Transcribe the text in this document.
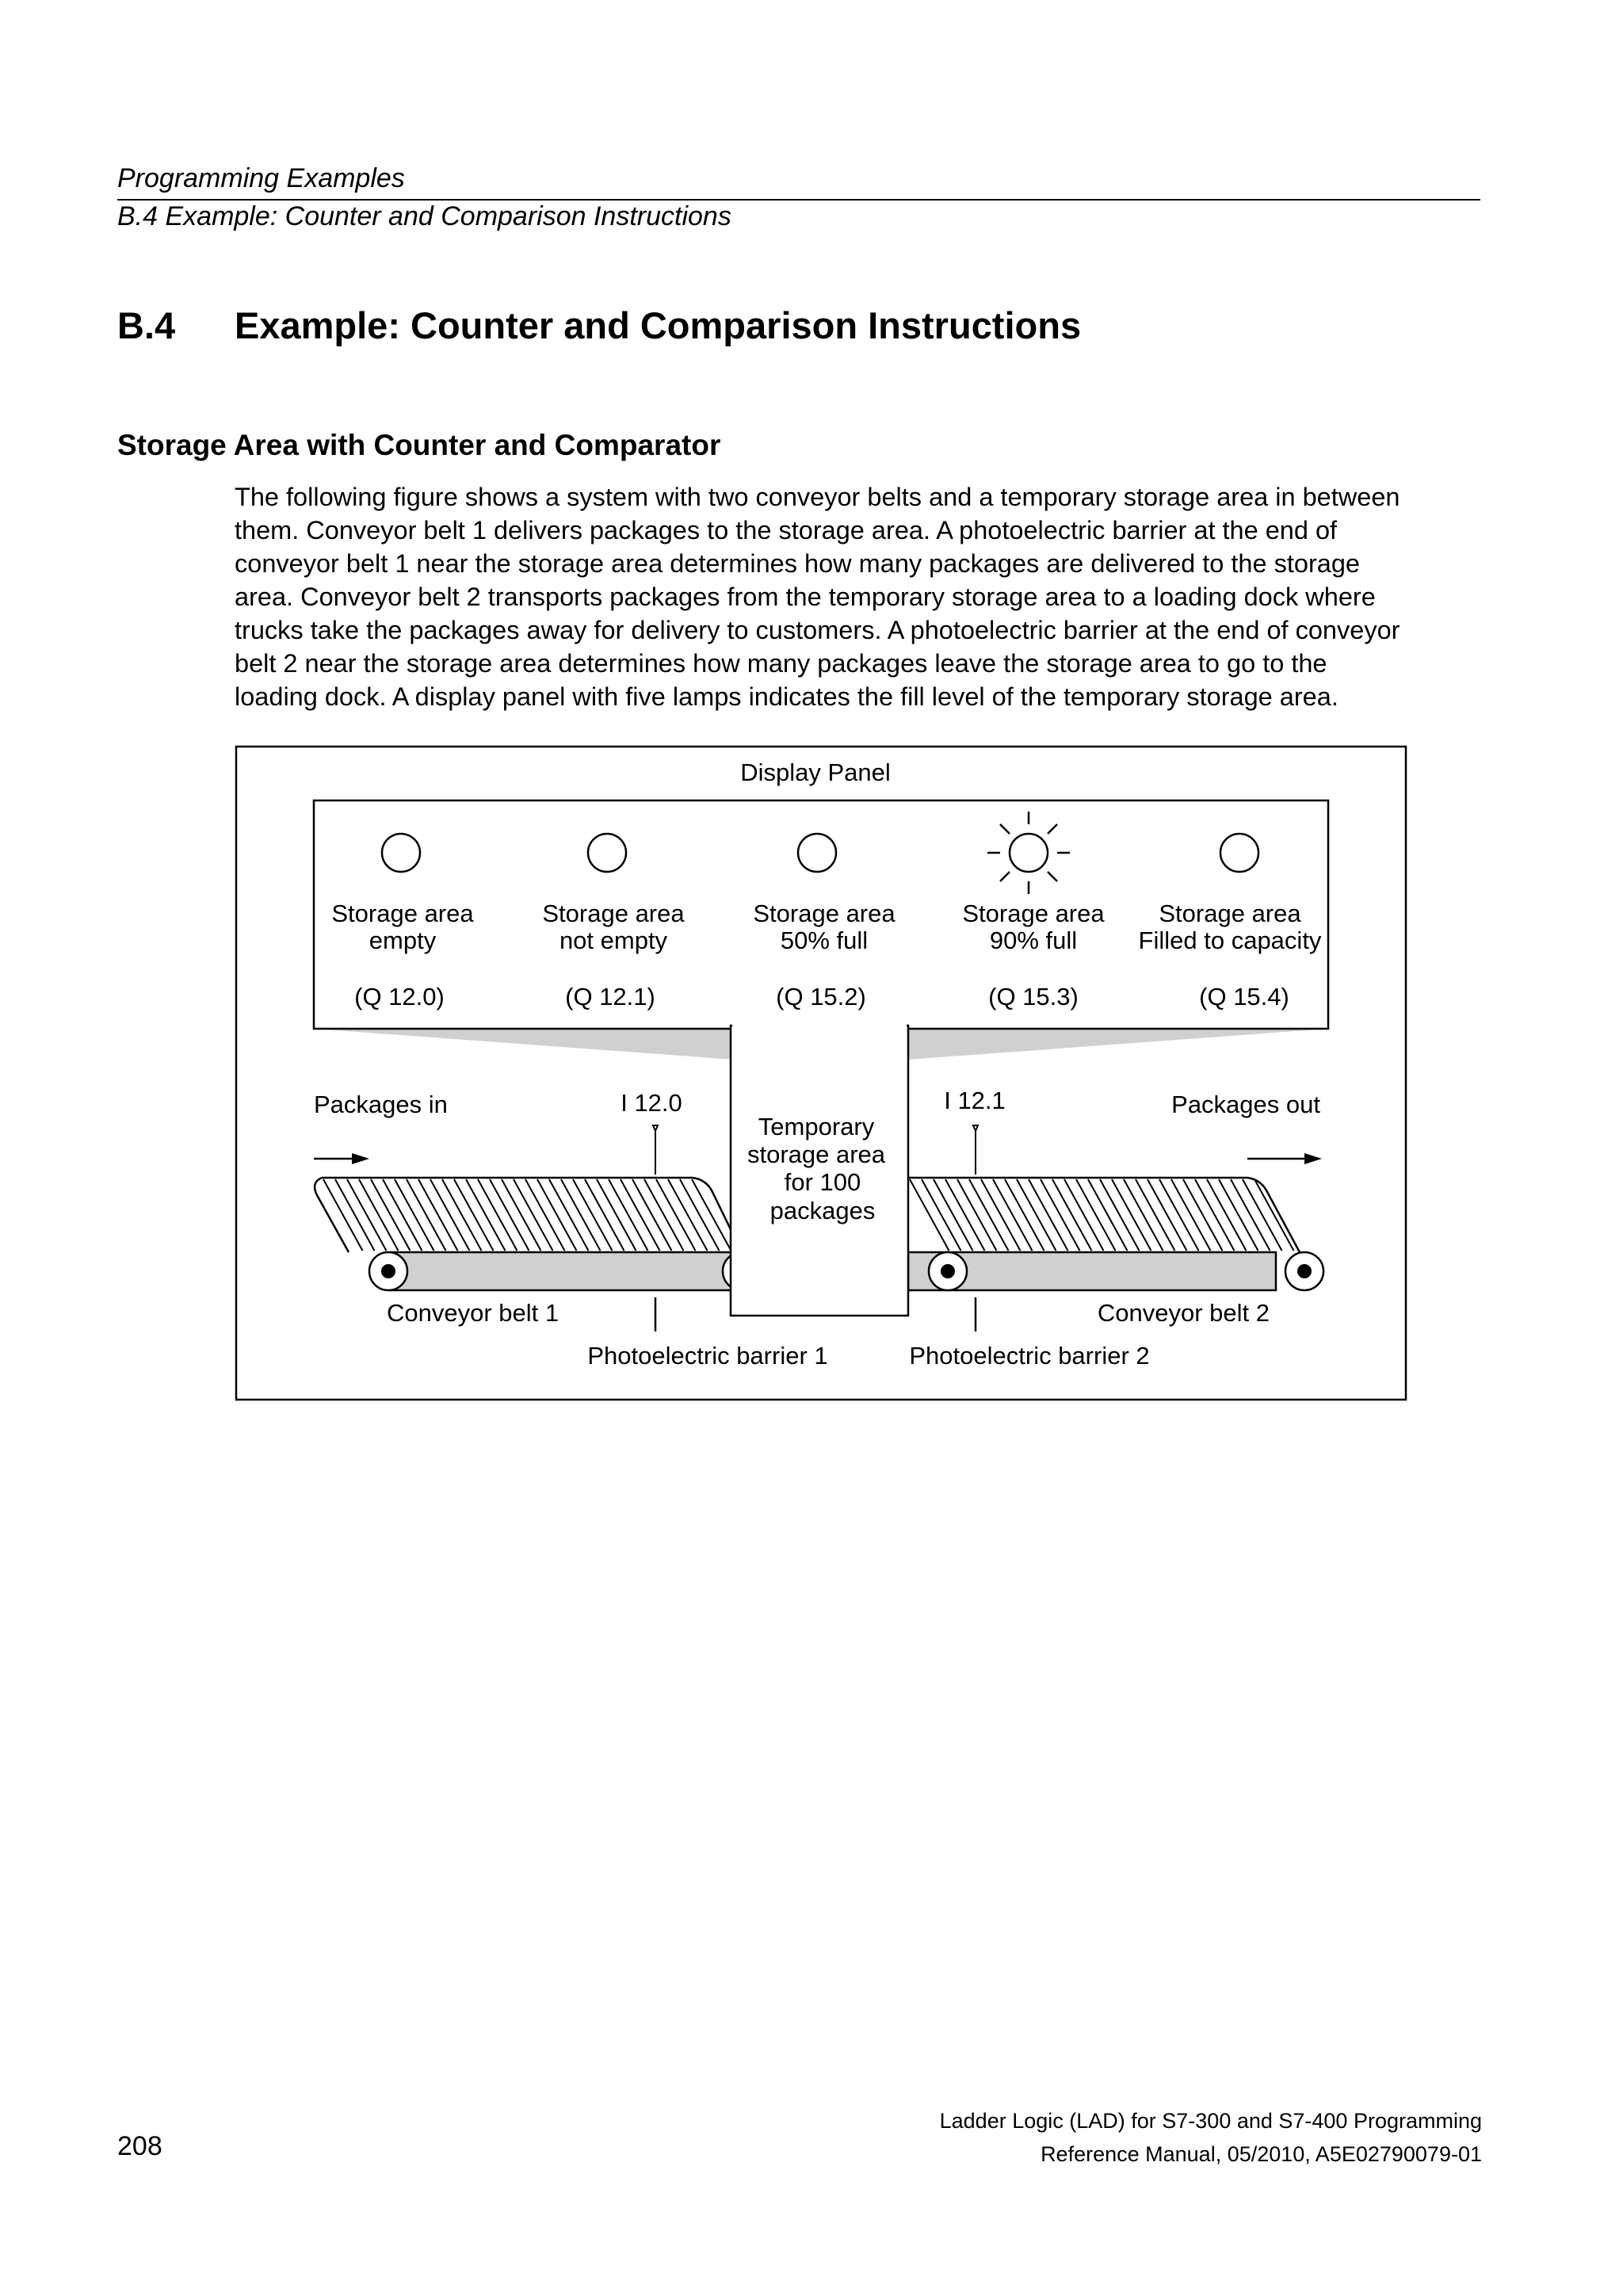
Programming Examples
B.4 Example: Counter and Comparison Instructions
B.4 Example: Counter and Comparison Instructions
Storage Area with Counter and Comparator
The following figure shows a system with two conveyor belts and a temporary storage area in between
them. Conveyor belt 1 delivers packages to the storage area. A photoelectric barrier at the end of
conveyor belt 1 near the storage area determines how many packages are delivered to the storage
area. Conveyor belt 2 transports packages from the temporary storage area to a loading dock where
trucks take the packages away for delivery to customers. A photoelectric barrier at the end of conveyor
belt 2 near the storage area determines how many packages leave the storage area to go to the
loading dock. A display panel with five lamps indicates the fill level of the temporary storage area.
Display Panel
Storage area
empty
(Q 12.0)
Storage area
not empty
(Q 12.1)
Storage area
50% full
(Q 15.2)
Storage area
90% full
(Q 15.3)
Storage area
Filled to capacity
(Q 15.4)
Packages in	Packages out
I 12.0	I 12.1
Temporary
storage area
for 100
packages
Conveyor belt 1	Conveyor belt 2
Photoelectric barrier 1	Photoelectric barrier 2
208
Ladder Logic (LAD) for S7-300 and S7-400 Programming
Reference Manual, 05/2010, A5E02790079-01
